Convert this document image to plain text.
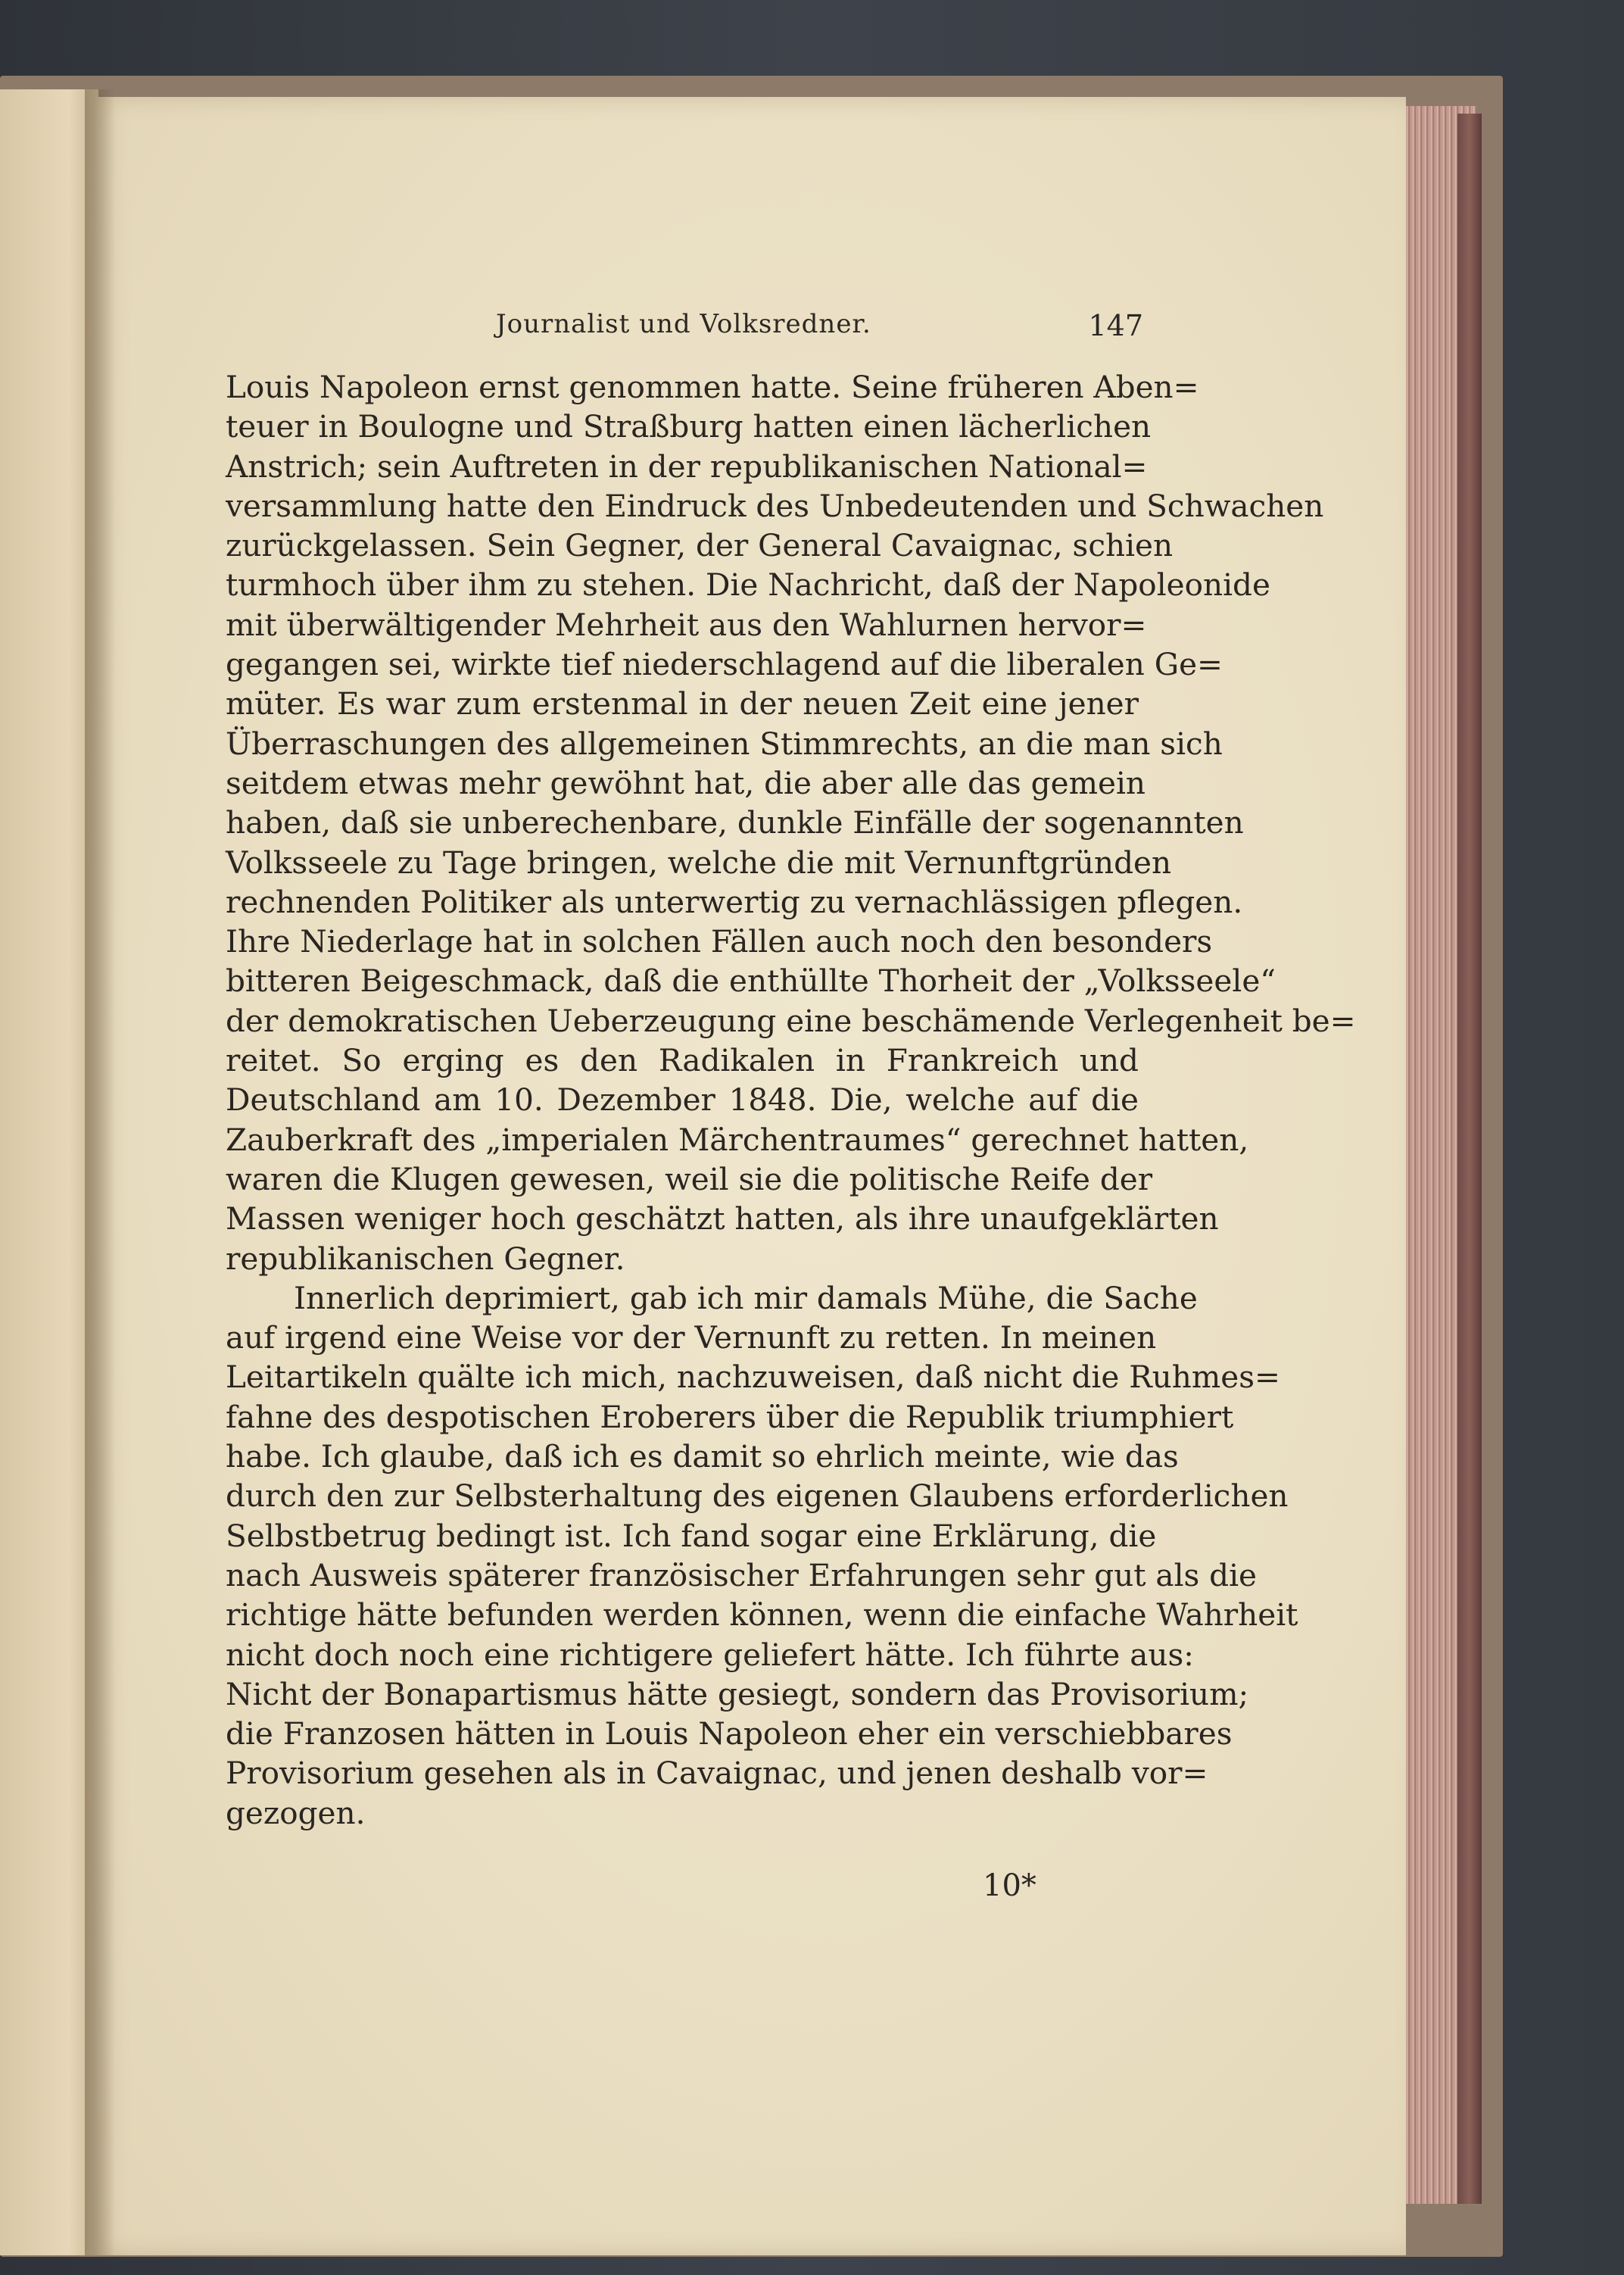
Journalist und Volksredner.	147
Louis Napoleon ernst genommen hatte. Seine früheren Aben=
teuer in Boulogne und Straßburg hatten einen lächerlichen
Anstrich; sein Auftreten in der republikanischen National=
versammlung hatte den Eindruck des Unbedeutenden und Schwachen
zurückgelassen. Sein Gegner, der General Cavaignac, schien
turmhoch über ihm zu stehen. Die Nachricht, daß der Napoleonide
mit überwältigender Mehrheit aus den Wahlurnen hervor=
gegangen sei, wirkte tief niederschlagend auf die liberalen Ge=
müter. Es war zum erstenmal in der neuen Zeit eine jener
Überraschungen des allgemeinen Stimmrechts, an die man sich
seitdem etwas mehr gewöhnt hat, die aber alle das gemein
haben, daß sie unberechenbare, dunkle Einfälle der sogenannten
Volksseele zu Tage bringen, welche die mit Vernunftgründen
rechnenden Politiker als unterwertig zu vernachlässigen pflegen.
Ihre Niederlage hat in solchen Fällen auch noch den besonders
bitteren Beigeschmack, daß die enthüllte Thorheit der „Volksseele“
der demokratischen Ueberzeugung eine beschämende Verlegenheit be=
reitet. So erging es den Radikalen in Frankreich und
Deutschland am 10. Dezember 1848. Die, welche auf die
Zauberkraft des „imperialen Märchentraumes“ gerechnet hatten,
waren die Klugen gewesen, weil sie die politische Reife der
Massen weniger hoch geschätzt hatten, als ihre unaufgeklärten
republikanischen Gegner.
Innerlich deprimiert, gab ich mir damals Mühe, die Sache
auf irgend eine Weise vor der Vernunft zu retten. In meinen
Leitartikeln quälte ich mich, nachzuweisen, daß nicht die Ruhmes=
fahne des despotischen Eroberers über die Republik triumphiert
habe. Ich glaube, daß ich es damit so ehrlich meinte, wie das
durch den zur Selbsterhaltung des eigenen Glaubens erforderlichen
Selbstbetrug bedingt ist. Ich fand sogar eine Erklärung, die
nach Ausweis späterer französischer Erfahrungen sehr gut als die
richtige hätte befunden werden können, wenn die einfache Wahrheit
nicht doch noch eine richtigere geliefert hätte. Ich führte aus:
Nicht der Bonapartismus hätte gesiegt, sondern das Provisorium;
die Franzosen hätten in Louis Napoleon eher ein verschiebbares
Provisorium gesehen als in Cavaignac, und jenen deshalb vor=
gezogen.
10*
